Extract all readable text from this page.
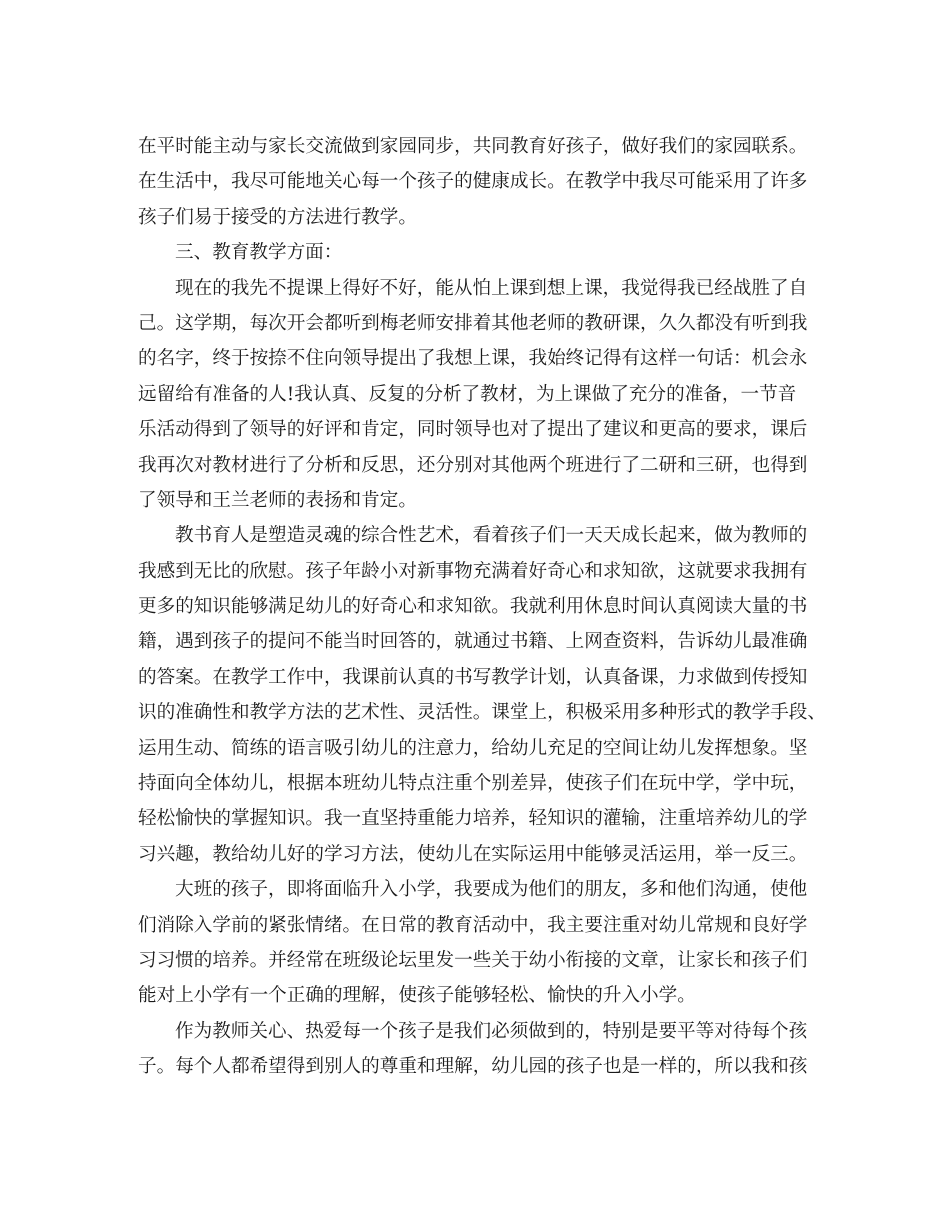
在平时能主动与家长交流做到家园同步，共同教育好孩子，做好我们的家园联系。
在生活中，我尽可能地关心每一个孩子的健康成长。在教学中我尽可能采用了许多
孩子们易于接受的方法进行教学。
三、教育教学方面：
现在的我先不提课上得好不好，能从怕上课到想上课，我觉得我已经战胜了自
己。这学期，每次开会都听到梅老师安排着其他老师的教研课，久久都没有听到我
的名字，终于按捺不住向领导提出了我想上课，我始终记得有这样一句话：机会永
远留给有准备的人!我认真、反复的分析了教材，为上课做了充分的准备，一节音
乐活动得到了领导的好评和肯定，同时领导也对了提出了建议和更高的要求，课后
我再次对教材进行了分析和反思，还分别对其他两个班进行了二研和三研，也得到
了领导和王兰老师的表扬和肯定。
教书育人是塑造灵魂的综合性艺术，看着孩子们一天天成长起来，做为教师的
我感到无比的欣慰。孩子年龄小对新事物充满着好奇心和求知欲，这就要求我拥有
更多的知识能够满足幼儿的好奇心和求知欲。我就利用休息时间认真阅读大量的书
籍，遇到孩子的提问不能当时回答的，就通过书籍、上网查资料，告诉幼儿最准确
的答案。在教学工作中，我课前认真的书写教学计划，认真备课，力求做到传授知
识的准确性和教学方法的艺术性、灵活性。课堂上，积极采用多种形式的教学手段、
运用生动、简练的语言吸引幼儿的注意力，给幼儿充足的空间让幼儿发挥想象。坚
持面向全体幼儿，根据本班幼儿特点注重个别差异，使孩子们在玩中学，学中玩，
轻松愉快的掌握知识。我一直坚持重能力培养，轻知识的灌输，注重培养幼儿的学
习兴趣，教给幼儿好的学习方法，使幼儿在实际运用中能够灵活运用，举一反三。
大班的孩子，即将面临升入小学，我要成为他们的朋友，多和他们沟通，使他
们消除入学前的紧张情绪。在日常的教育活动中，我主要注重对幼儿常规和良好学
习习惯的培养。并经常在班级论坛里发一些关于幼小衔接的文章，让家长和孩子们
能对上小学有一个正确的理解，使孩子能够轻松、愉快的升入小学。
作为教师关心、热爱每一个孩子是我们必须做到的，特别是要平等对待每个孩
子。每个人都希望得到别人的尊重和理解，幼儿园的孩子也是一样的，所以我和孩
